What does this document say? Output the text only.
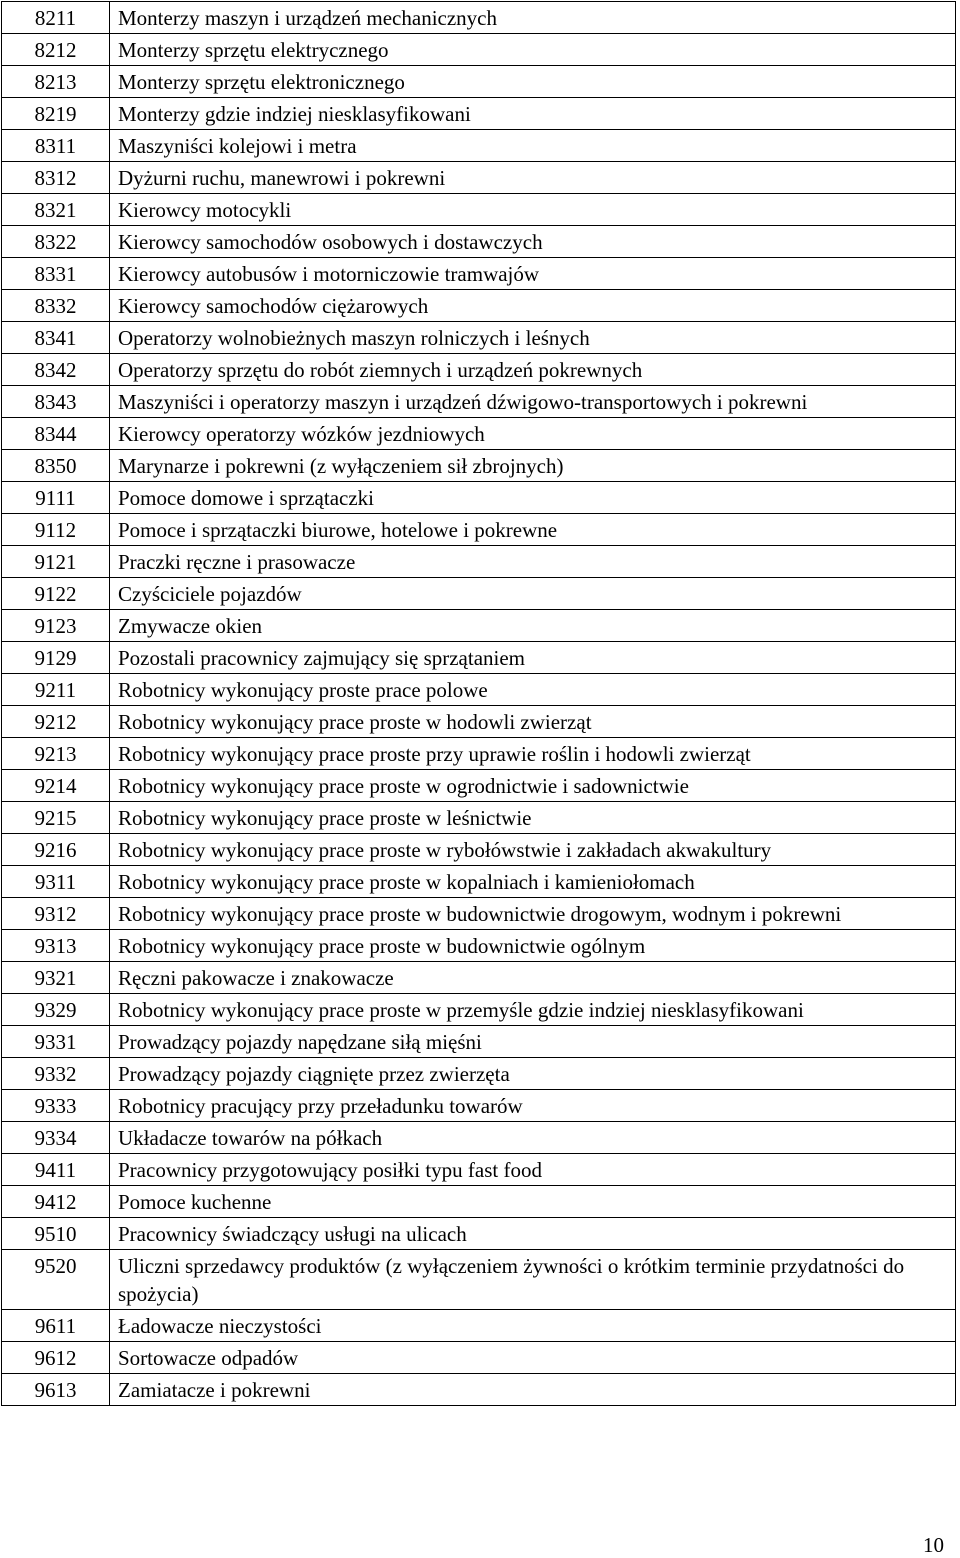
8211	Monterzy maszyn i urządzeń mechanicznych
8212	Monterzy sprzętu elektrycznego
8213	Monterzy sprzętu elektronicznego
8219	Monterzy gdzie indziej niesklasyfikowani
8311	Maszyniści kolejowi i metra
8312	Dyżurni ruchu, manewrowi i pokrewni
8321	Kierowcy motocykli
8322	Kierowcy samochodów osobowych i dostawczych
8331	Kierowcy autobusów i motorniczowie tramwajów
8332	Kierowcy samochodów ciężarowych
8341	Operatorzy wolnobieżnych maszyn rolniczych i leśnych
8342	Operatorzy sprzętu do robót ziemnych i urządzeń pokrewnych
8343	Maszyniści i operatorzy maszyn i urządzeń dźwigowo-transportowych i pokrewni
8344	Kierowcy operatorzy wózków jezdniowych
8350	Marynarze i pokrewni (z wyłączeniem sił zbrojnych)
9111	Pomoce domowe i sprzątaczki
9112	Pomoce i sprzątaczki biurowe, hotelowe i pokrewne
9121	Praczki ręczne i prasowacze
9122	Czyściciele pojazdów
9123	Zmywacze okien
9129	Pozostali pracownicy zajmujący się sprzątaniem
9211	Robotnicy wykonujący proste prace polowe
9212	Robotnicy wykonujący prace proste w hodowli zwierząt
9213	Robotnicy wykonujący prace proste przy uprawie roślin i hodowli zwierząt
9214	Robotnicy wykonujący prace proste w ogrodnictwie i sadownictwie
9215	Robotnicy wykonujący prace proste w leśnictwie
9216	Robotnicy wykonujący prace proste w rybołówstwie i zakładach akwakultury
9311	Robotnicy wykonujący prace proste w kopalniach i kamieniołomach
9312	Robotnicy wykonujący prace proste w budownictwie drogowym, wodnym i pokrewni
9313	Robotnicy wykonujący prace proste w budownictwie ogólnym
9321	Ręczni pakowacze i znakowacze
9329	Robotnicy wykonujący prace proste w przemyśle gdzie indziej niesklasyfikowani
9331	Prowadzący pojazdy napędzane siłą mięśni
9332	Prowadzący pojazdy ciągnięte przez zwierzęta
9333	Robotnicy pracujący przy przeładunku towarów
9334	Układacze towarów na półkach
9411	Pracownicy przygotowujący posiłki typu fast food
9412	Pomoce kuchenne
9510	Pracownicy świadczący usługi na ulicach
9520	Uliczni sprzedawcy produktów (z wyłączeniem żywności o krótkim terminie przydatności do spożycia)
9611	Ładowacze nieczystości
9612	Sortowacze odpadów
9613	Zamiatacze i pokrewni
10
